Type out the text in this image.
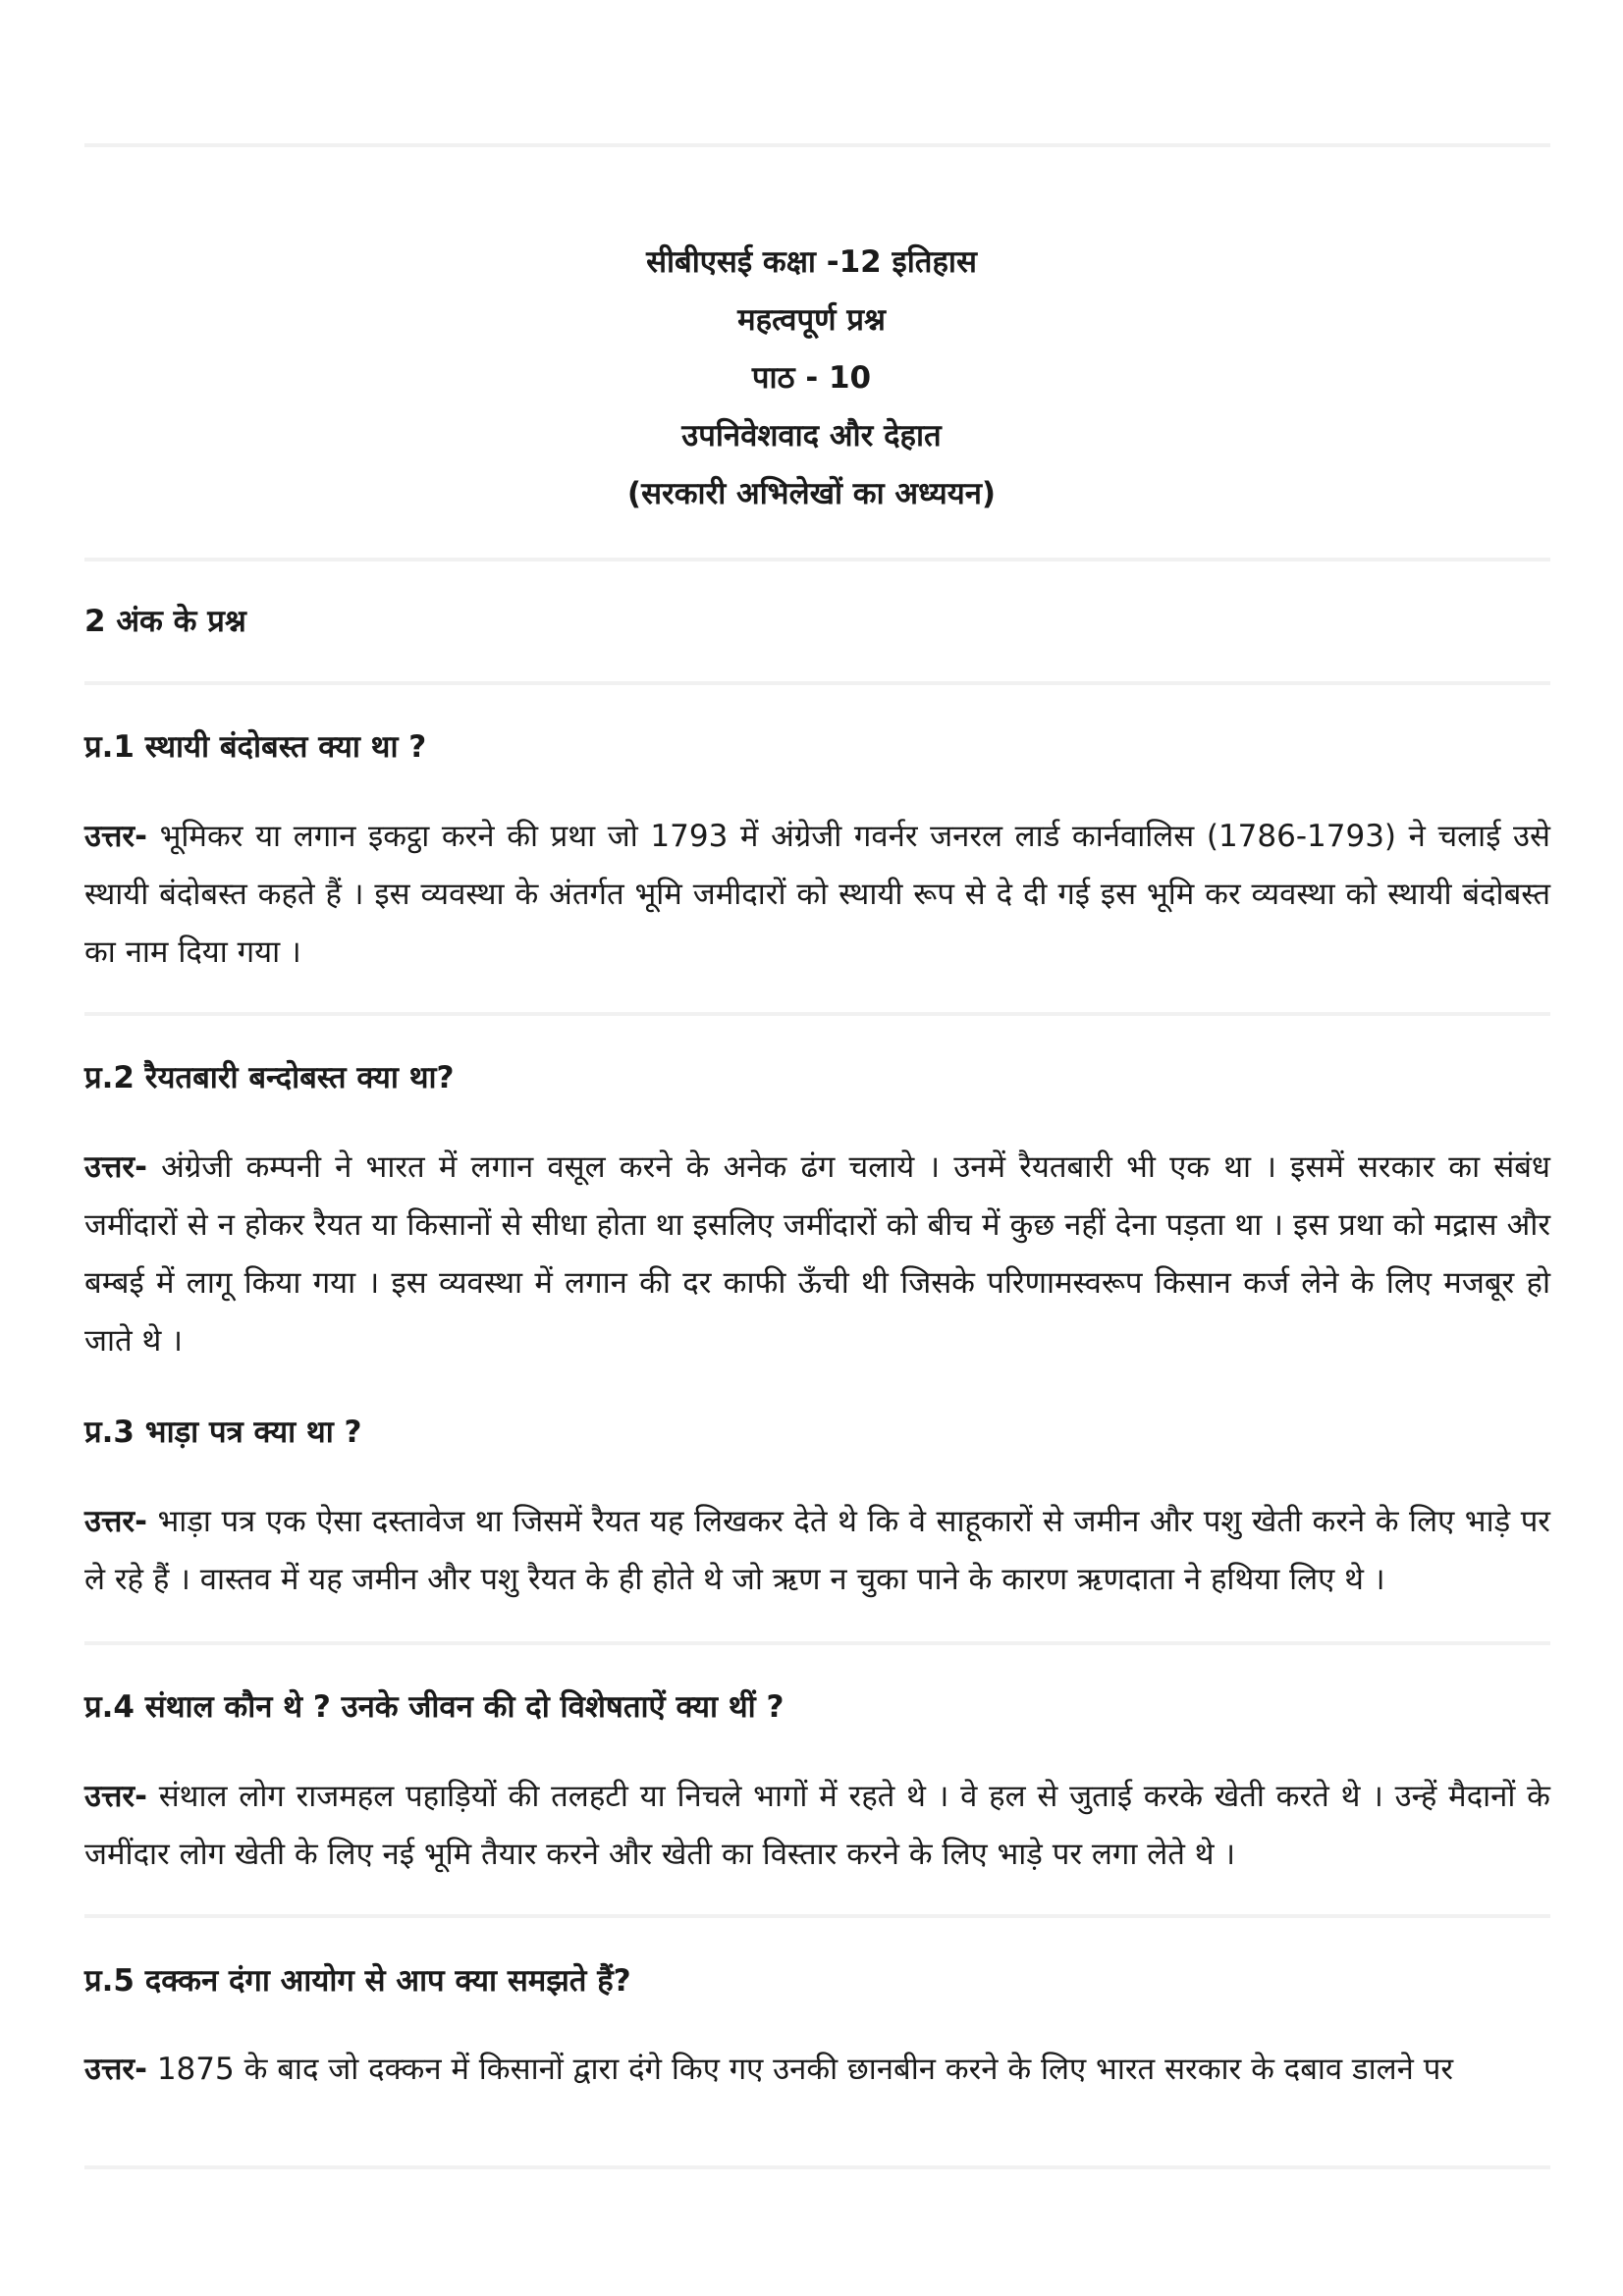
सीबीएसई कक्षा -12 इतिहास
महत्वपूर्ण प्रश्न
पाठ - 10
उपनिवेशवाद और देहात
(सरकारी अभिलेखों का अध्ययन)
2 अंक के प्रश्न
प्र.1 स्थायी बंदोबस्त क्या था ?
उत्तर- भूमिकर या लगान इकट्ठा करने की प्रथा जो 1793 में अंग्रेजी गवर्नर जनरल लार्ड कार्नवालिस (1786-1793) ने चलाई उसे स्थायी बंदोबस्त कहते हैं । इस व्यवस्था के अंतर्गत भूमि जमीदारों को स्थायी रूप से दे दी गई इस भूमि कर व्यवस्था को स्थायी बंदोबस्त का नाम दिया गया ।
प्र.2 रैयतबारी बन्दोबस्त क्या था?
उत्तर- अंग्रेजी कम्पनी ने भारत में लगान वसूल करने के अनेक ढंग चलाये । उनमें रैयतबारी भी एक था । इसमें सरकार का संबंध जमींदारों से न होकर रैयत या किसानों से सीधा होता था इसलिए जमींदारों को बीच में कुछ नहीं देना पड़ता था । इस प्रथा को मद्रास और बम्बई में लागू किया गया । इस व्यवस्था में लगान की दर काफी ऊँची थी जिसके परिणामस्वरूप किसान कर्ज लेने के लिए मजबूर हो जाते थे ।
प्र.3 भाड़ा पत्र क्या था ?
उत्तर- भाड़ा पत्र एक ऐसा दस्तावेज था जिसमें रैयत यह लिखकर देते थे कि वे साहूकारों से जमीन और पशु खेती करने के लिए भाड़े पर ले रहे हैं । वास्तव में यह जमीन और पशु रैयत के ही होते थे जो ऋण न चुका पाने के कारण ऋणदाता ने हथिया लिए थे ।
प्र.4 संथाल कौन थे ? उनके जीवन की दो विशेषताऐं क्या थीं ?
उत्तर- संथाल लोग राजमहल पहाड़ियों की तलहटी या निचले भागों में रहते थे । वे हल से जुताई करके खेती करते थे । उन्हें मैदानों के जमींदार लोग खेती के लिए नई भूमि तैयार करने और खेती का विस्तार करने के लिए भाड़े पर लगा लेते थे ।
प्र.5 दक्कन दंगा आयोग से आप क्या समझते हैं?
उत्तर- 1875 के बाद जो दक्कन में किसानों द्वारा दंगे किए गए उनकी छानबीन करने के लिए भारत सरकार के दबाव डालने पर
